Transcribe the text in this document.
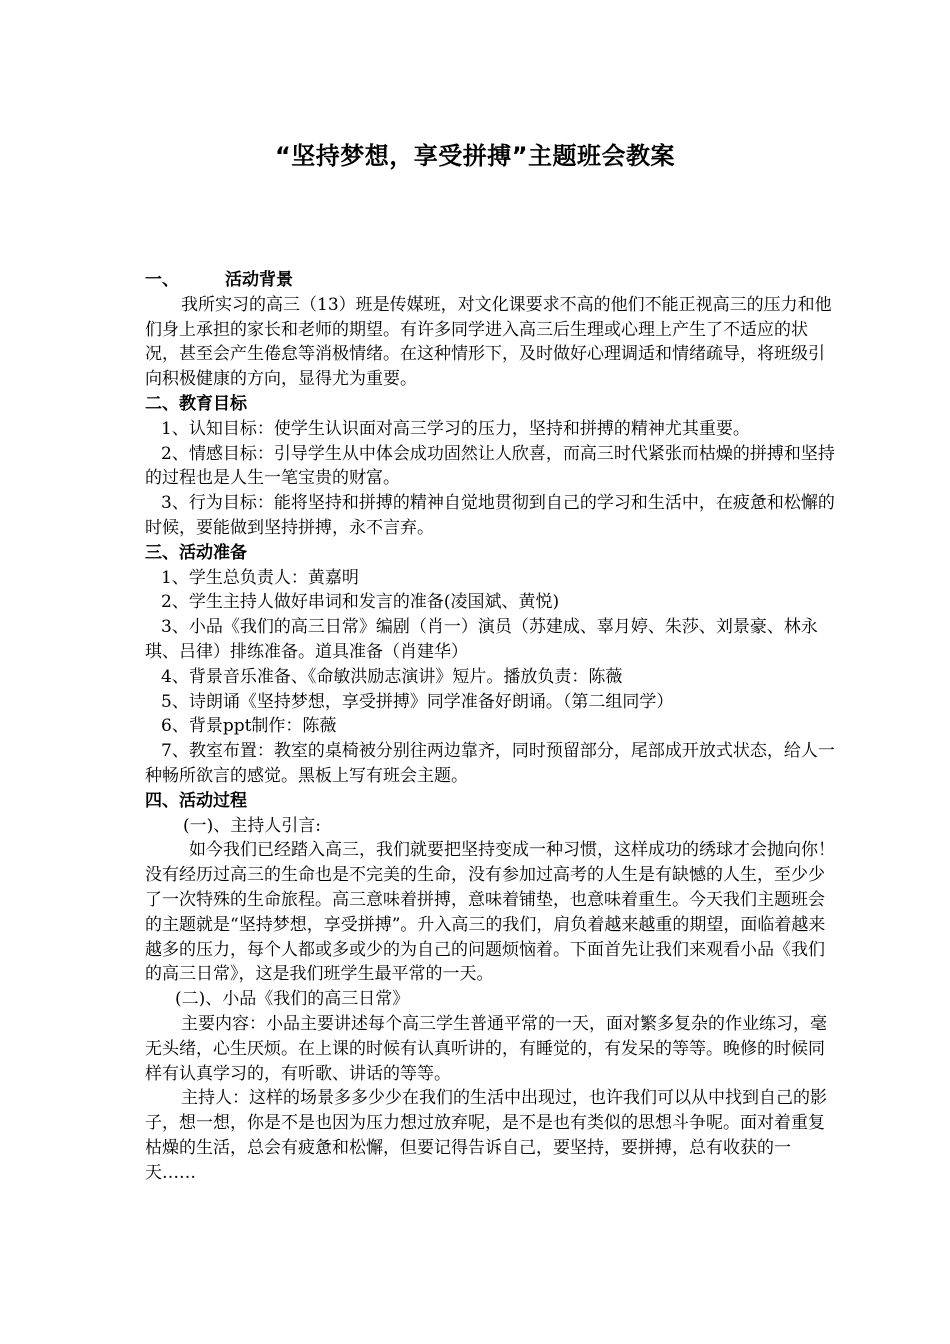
“坚持梦想，享受拼搏”主题班会教案

一、	活动背景

我所实习的高三（13）班是传媒班，对文化课要求不高的他们不能正视高三的压力和他们身上承担的家长和老师的期望。有许多同学进入高三后生理或心理上产生了不适应的状况，甚至会产生倦怠等消极情绪。在这种情形下，及时做好心理调适和情绪疏导，将班级引向积极健康的方向，显得尤为重要。

二、教育目标

1、认知目标：使学生认识面对高三学习的压力，坚持和拼搏的精神尤其重要。

2、情感目标：引导学生从中体会成功固然让人欣喜，而高三时代紧张而枯燥的拼搏和坚持的过程也是人生一笔宝贵的财富。

3、行为目标：能将坚持和拼搏的精神自觉地贯彻到自己的学习和生活中，在疲惫和松懈的时候，要能做到坚持拼搏，永不言弃。

三、活动准备

1、学生总负责人：黄嘉明

2、学生主持人做好串词和发言的准备(凌国斌、黄悦)

3、小品《我们的高三日常》编剧（肖一）演员（苏建成、辜月婷、朱莎、刘景豪、林永琪、吕律）排练准备。道具准备（肖建华）

4、背景音乐准备、《命敏洪励志演讲》短片。播放负责：陈薇

5、诗朗诵《坚持梦想，享受拼搏》同学准备好朗诵。（第二组同学）

6、背景ppt制作：陈薇

7、教室布置：教室的桌椅被分别往两边靠齐，同时预留部分，尾部成开放式状态，给人一种畅所欲言的感觉。黑板上写有班会主题。

四、活动过程

(一)、主持人引言:

如今我们已经踏入高三，我们就要把坚持变成一种习惯，这样成功的绣球才会抛向你！没有经历过高三的生命也是不完美的生命，没有参加过高考的人生是有缺憾的人生，至少少了一次特殊的生命旅程。高三意味着拼搏，意味着铺垫，也意味着重生。今天我们主题班会的主题就是“坚持梦想，享受拼搏”。升入高三的我们，肩负着越来越重的期望，面临着越来越多的压力，每个人都或多或少的为自己的问题烦恼着。下面首先让我们来观看小品《我们的高三日常》，这是我们班学生最平常的一天。

(二)、小品《我们的高三日常》

主要内容：小品主要讲述每个高三学生普通平常的一天，面对繁多复杂的作业练习，毫无头绪，心生厌烦。在上课的时候有认真听讲的，有睡觉的，有发呆的等等。晚修的时候同样有认真学习的，有听歌、讲话的等等。

主持人：这样的场景多多少少在我们的生活中出现过，也许我们可以从中找到自己的影子，想一想，你是不是也因为压力想过放弃呢，是不是也有类似的思想斗争呢。面对着重复枯燥的生活，总会有疲惫和松懈，但要记得告诉自己，要坚持，要拼搏，总有收获的一天……
